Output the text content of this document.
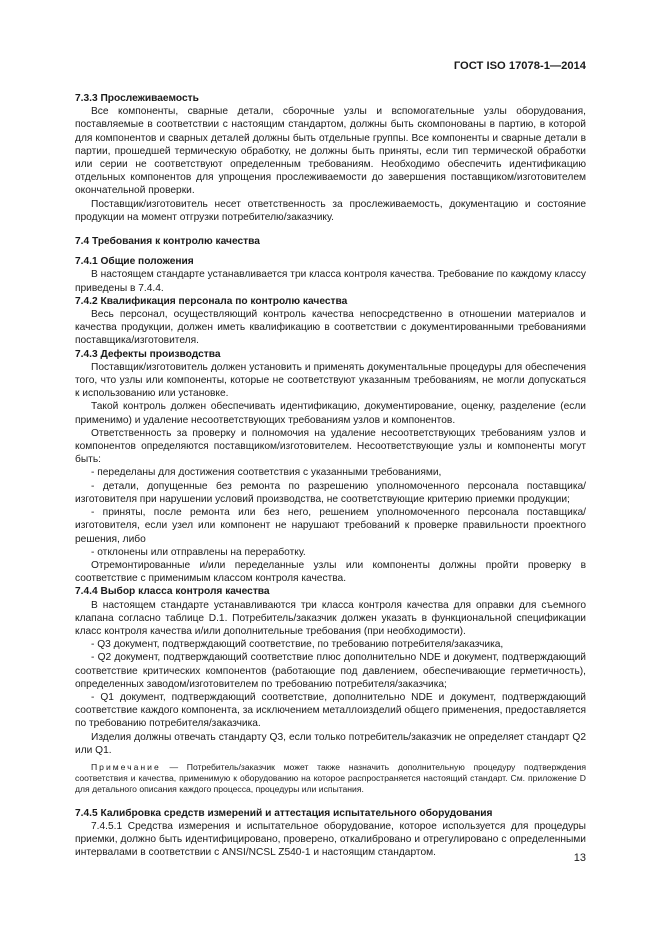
ГОСТ ISO 17078-1—2014

7.3.3 Прослеживаемость

Все компоненты, сварные детали, сборочные узлы и вспомогательные узлы оборудования, поставляемые в соответствии с настоящим стандартом, должны быть скомпонованы в партию, в которой для компонентов и сварных деталей должны быть отдельные группы. Все компоненты и сварные детали в партии, прошедшей термическую обработку, не должны быть приняты, если тип термической обработки или серии не соответствуют определенным требованиям. Необходимо обеспечить идентификацию отдельных компонентов для упрощения прослеживаемости до завершения поставщиком/изготовителем окончательной проверки.

Поставщик/изготовитель несет ответственность за прослеживаемость, документацию и состояние продукции на момент отгрузки потребителю/заказчику.

7.4 Требования к контролю качества

7.4.1 Общие положения

В настоящем стандарте устанавливается три класса контроля качества. Требование по каждому классу приведены в 7.4.4.

7.4.2 Квалификация персонала по контролю качества

Весь персонал, осуществляющий контроль качества непосредственно в отношении материалов и качества продукции, должен иметь квалификацию в соответствии с документированными требованиями поставщика/изготовителя.

7.4.3 Дефекты производства

Поставщик/изготовитель должен установить и применять документальные процедуры для обеспечения того, что узлы или компоненты, которые не соответствуют указанным требованиям, не могли допускаться к использованию или установке.

Такой контроль должен обеспечивать идентификацию, документирование, оценку, разделение (если применимо) и удаление несоответствующих требованиям узлов и компонентов.

Ответственность за проверку и полномочия на удаление несоответствующих требованиям узлов и компонентов определяются поставщиком/изготовителем. Несоответствующие узлы и компоненты могут быть:

- переделаны для достижения соответствия с указанными требованиями,

- детали, допущенные без ремонта по разрешению уполномоченного персонала поставщика/изготовителя при нарушении условий производства, не соответствующие критерию приемки продукции;

- приняты, после ремонта или без него, решением уполномоченного персонала поставщика/изготовителя, если узел или компонент не нарушают требований к проверке правильности проектного решения, либо

- отклонены или отправлены на переработку.

Отремонтированные и/или переделанные узлы или компоненты должны пройти проверку в соответствие с применимым классом контроля качества.

7.4.4 Выбор класса контроля качества

В настоящем стандарте устанавливаются три класса контроля качества для оправки для съемного клапана согласно таблице D.1. Потребитель/заказчик должен указать в функциональной спецификации класс контроля качества и/или дополнительные требования (при необходимости).

- Q3 документ, подтверждающий соответствие, по требованию потребителя/заказчика,

- Q2 документ, подтверждающий соответствие плюс дополнительно NDE и документ, подтверждающий соответствие критических компонентов (работающие под давлением, обеспечивающие герметичность), определенных заводом/изготовителем по требованию потребителя/заказчика;

- Q1 документ, подтверждающий соответствие, дополнительно NDE и документ, подтверждающий соответствие каждого компонента, за исключением металлоизделий общего применения, предоставляется по требованию потребителя/заказчика.

Изделия должны отвечать стандарту Q3, если только потребитель/заказчик не определяет стандарт Q2 или Q1.

Примечание — Потребитель/заказчик может также назначить дополнительную процедуру подтверждения соответствия и качества, применимую к оборудованию на которое распространяется настоящий стандарт. См. приложение D для детального описания каждого процесса, процедуры или испытания.

7.4.5 Калибровка средств измерений и аттестация испытательного оборудования

7.4.5.1 Средства измерения и испытательное оборудование, которое используется для процедуры приемки, должно быть идентифицировано, проверено, откалибровано и отрегулировано с определенными интервалами в соответствии с ANSI/NCSL Z540-1 и настоящим стандартом.	13
